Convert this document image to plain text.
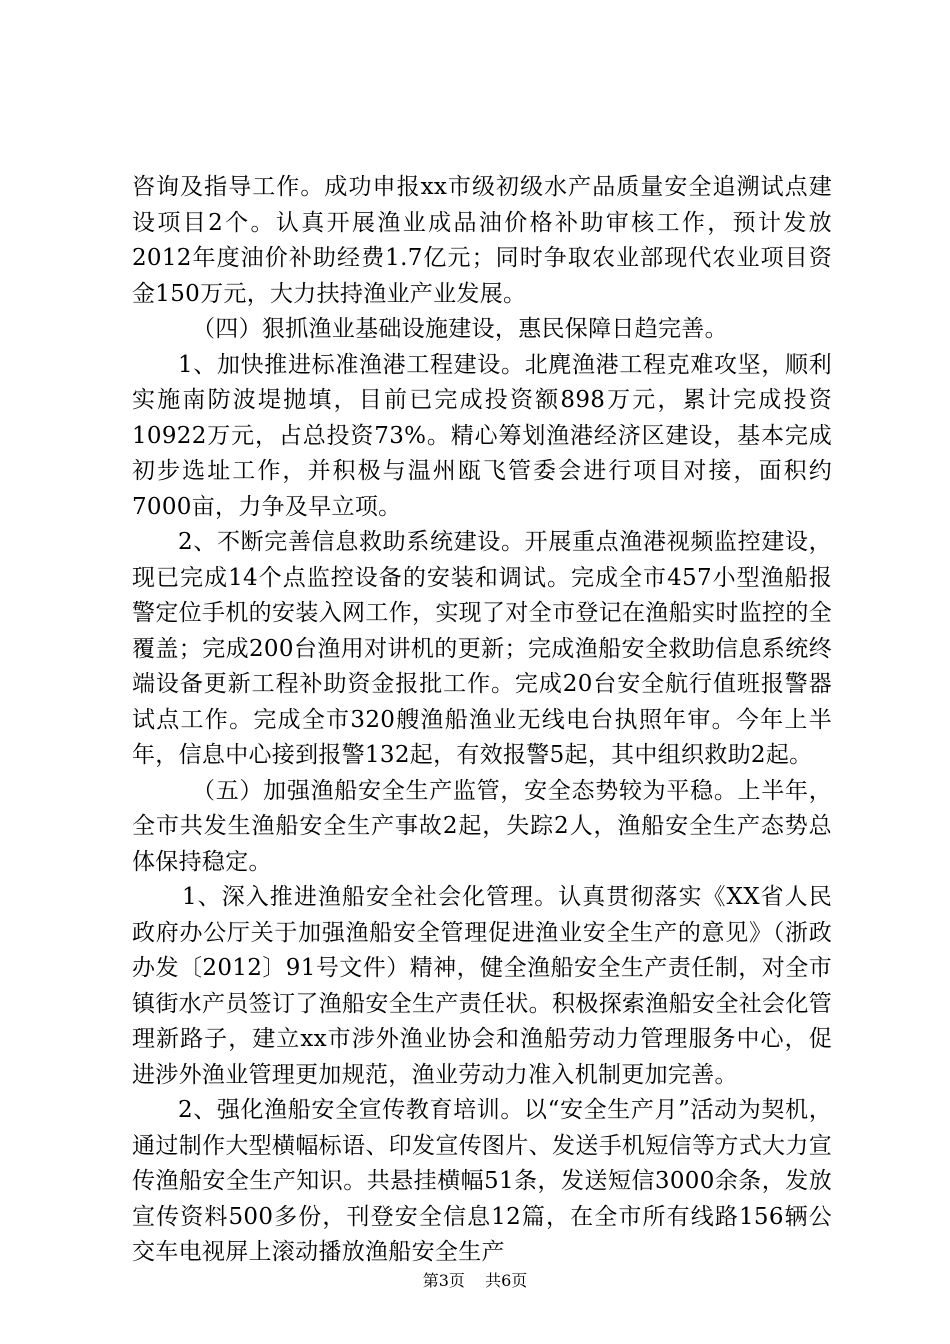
咨询及指导工作。成功申报xx市级初级水产品质量安全追溯试点建设项目2个。认真开展渔业成品油价格补助审核工作，预计发放2012年度油价补助经费1.7亿元；同时争取农业部现代农业项目资金150万元，大力扶持渔业产业发展。

（四）狠抓渔业基础设施建设，惠民保障日趋完善。

1、加快推进标准渔港工程建设。北麂渔港工程克难攻坚，顺利实施南防波堤抛填，目前已完成投资额898万元，累计完成投资10922万元，占总投资73%。精心筹划渔港经济区建设，基本完成初步选址工作，并积极与温州瓯飞管委会进行项目对接，面积约7000亩，力争及早立项。

2、不断完善信息救助系统建设。开展重点渔港视频监控建设，现已完成14个点监控设备的安装和调试。完成全市457小型渔船报警定位手机的安装入网工作，实现了对全市登记在渔船实时监控的全覆盖；完成200台渔用对讲机的更新；完成渔船安全救助信息系统终端设备更新工程补助资金报批工作。完成20台安全航行值班报警器试点工作。完成全市320艘渔船渔业无线电台执照年审。今年上半年，信息中心接到报警132起，有效报警5起，其中组织救助2起。

（五）加强渔船安全生产监管，安全态势较为平稳。上半年，全市共发生渔船安全生产事故2起，失踪2人，渔船安全生产态势总体保持稳定。

1、深入推进渔船安全社会化管理。认真贯彻落实《XX省人民政府办公厅关于加强渔船安全管理促进渔业安全生产的意见》（浙政办发〔2012〕91号文件）精神，健全渔船安全生产责任制，对全市镇街水产员签订了渔船安全生产责任状。积极探索渔船安全社会化管理新路子，建立xx市涉外渔业协会和渔船劳动力管理服务中心，促进涉外渔业管理更加规范，渔业劳动力准入机制更加完善。

2、强化渔船安全宣传教育培训。以“安全生产月”活动为契机，通过制作大型横幅标语、印发宣传图片、发送手机短信等方式大力宣传渔船安全生产知识。共悬挂横幅51条，发送短信3000余条，发放宣传资料500多份，刊登安全信息12篇，在全市所有线路156辆公交车电视屏上滚动播放渔船安全生产

第3页 共6页
